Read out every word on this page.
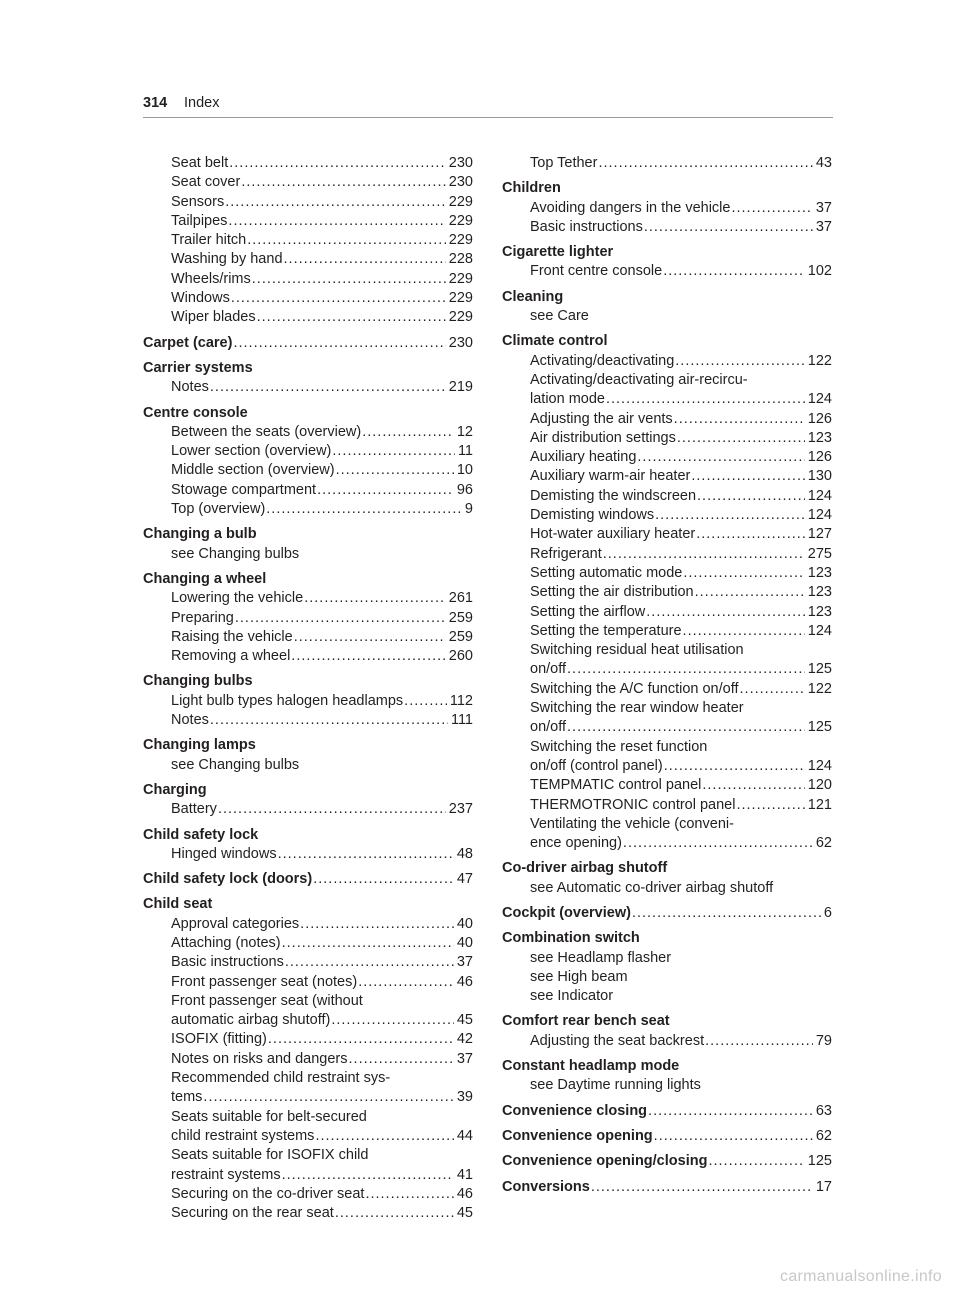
314 Index
Seat belt .....	230
Seat cover .....	230
Sensors .....	229
Tailpipes .....	229
Trailer hitch .....	229
Washing by hand .....	228
Wheels/rims .....	229
Windows .....	229
Wiper blades .....	229
Carpet (care) .....	230
Carrier systems
Notes .....	219
Centre console
Between the seats (overview) .....	12
Lower section (overview) .....	11
Middle section (overview) .....	10
Stowage compartment .....	96
Top (overview) .....	9
Changing a bulb
see Changing bulbs
Changing a wheel
Lowering the vehicle .....	261
Preparing .....	259
Raising the vehicle .....	259
Removing a wheel .....	260
Changing bulbs
Light bulb types halogen headlamps .....	112
Notes .....	111
Changing lamps
see Changing bulbs
Charging
Battery .....	237
Child safety lock
Hinged windows .....	48
Child safety lock (doors) .....	47
Child seat
Approval categories .....	40
Attaching (notes) .....	40
Basic instructions .....	37
Front passenger seat (notes) .....	46
Front passenger seat (without
automatic airbag shutoff) .....	45
ISOFIX (fitting) .....	42
Notes on risks and dangers .....	37
Recommended child restraint sys-
tems .....	39
Seats suitable for belt-secured
child restraint systems .....	44
Seats suitable for ISOFIX child
restraint systems .....	41
Securing on the co-driver seat .....	46
Securing on the rear seat .....	45
Top Tether .....	43
Children
Avoiding dangers in the vehicle .....	37
Basic instructions .....	37
Cigarette lighter
Front centre console .....	102
Cleaning
see Care
Climate control
Activating/deactivating .....	122
Activating/deactivating air-recircu-
lation mode .....	124
Adjusting the air vents .....	126
Air distribution settings .....	123
Auxiliary heating .....	126
Auxiliary warm-air heater .....	130
Demisting the windscreen .....	124
Demisting windows .....	124
Hot-water auxiliary heater .....	127
Refrigerant .....	275
Setting automatic mode .....	123
Setting the air distribution .....	123
Setting the airflow .....	123
Setting the temperature .....	124
Switching residual heat utilisation
on/off .....	125
Switching the A/C function on/off .....	122
Switching the rear window heater
on/off .....	125
Switching the reset function
on/off (control panel) .....	124
TEMPMATIC control panel .....	120
THERMOTRONIC control panel .....	121
Ventilating the vehicle (conveni-
ence opening) .....	62
Co-driver airbag shutoff
see Automatic co-driver airbag shutoff
Cockpit (overview) .....	6
Combination switch
see Headlamp flasher
see High beam
see Indicator
Comfort rear bench seat
Adjusting the seat backrest .....	79
Constant headlamp mode
see Daytime running lights
Convenience closing .....	63
Convenience opening .....	62
Convenience opening/closing .....	125
Conversions .....	17
carmanualsonline.info
